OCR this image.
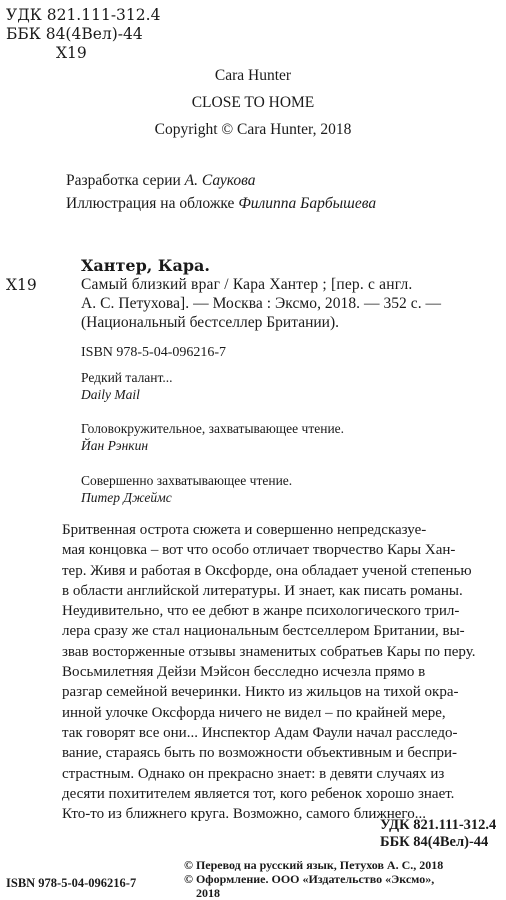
УДК 821.111-312.4
ББК 84(4Вел)-44
Х19
Cara Hunter
CLOSE TO HOME
Copyright © Cara Hunter, 2018
Разработка серии А. Саукова
Иллюстрация на обложке Филиппа Барбышева
Хантер, Кара.
Х19	Самый близкий враг / Кара Хантер ; [пер. с англ.
А. С. Петухова]. — Москва : Эксмо, 2018. — 352 с. —
(Национальный бестселлер Британии).
ISBN 978-5-04-096216-7
Редкий талант...
Daily Mail
Головокружительное, захватывающее чтение.
Йан Рэнкин
Совершенно захватывающее чтение.
Питер Джеймс
Бритвенная острота сюжета и совершенно непредсказуе-
мая концовка – вот что особо отличает творчество Кары Хан-
тер. Живя и работая в Оксфорде, она обладает ученой степенью
в области английской литературы. И знает, как писать романы.
Неудивительно, что ее дебют в жанре психологического трил-
лера сразу же стал национальным бестселлером Британии, вы-
звав восторженные отзывы знаменитых собратьев Кары по перу.
Восьмилетняя Дейзи Мэйсон бесследно исчезла прямо в
разгар семейной вечеринки. Никто из жильцов на тихой окра-
инной улочке Оксфорда ничего не видел – по крайней мере,
так говорят все они... Инспектор Адам Фаули начал расследо-
вание, стараясь быть по возможности объективным и беспри-
страстным. Однако он прекрасно знает: в девяти случаях из
десяти похитителем является тот, кого ребенок хорошо знает.
Кто-то из ближнего круга. Возможно, самого ближнего...
УДК 821.111-312.4
ББК 84(4Вел)-44
© Перевод на русский язык, Петухов А. С., 2018
© Оформление. ООО «Издательство «Эксмо»,
2018
ISBN 978-5-04-096216-7
